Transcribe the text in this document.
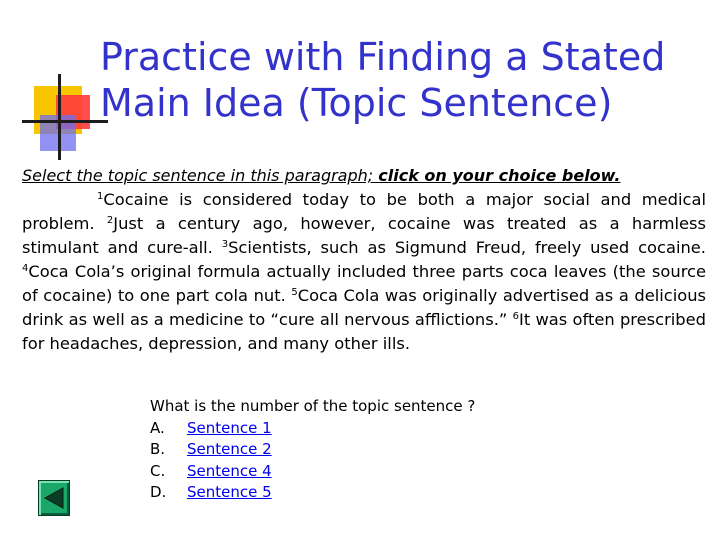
Practice with Finding a Stated
Main Idea (Topic Sentence)
Select the topic sentence in this paragraph; click on your choice below.
$^1$Cocaine is considered today to be both a major social and medical problem. $^2$Just a century ago, however, cocaine was treated as a harmless stimulant and cure-all. $^3$Scientists, such as Sigmund Freud, freely used cocaine. $^4$Coca Cola’s original formula actually included three parts coca leaves (the source of cocaine) to one part cola nut. $^5$Coca Cola was originally advertised as a delicious drink as well as a medicine to “cure all nervous afflictions.” $^6$It was often prescribed for headaches, depression, and many other ills.
What is the number of the topic sentence ?
A.	Sentence 1
B.	Sentence 2
C.	Sentence 4
D.	Sentence 5
